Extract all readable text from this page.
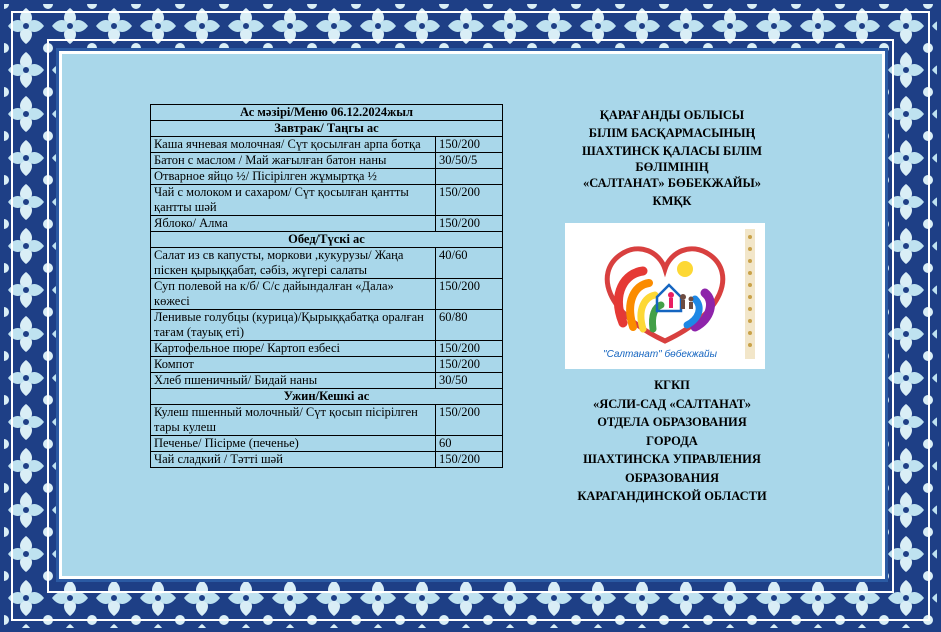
Ас мәзірі/Меню 06.12.2024жыл	
Завтрак/ Таңгы ас	
Каша ячневая молочная/ Сүт қосылған арпа ботқа	150/200
Батон с маслом / Май жағылған батон наны	30/50/5
Отварное яйцо ½/ Пісірілген жұмыртқа ½	
Чай с молоком и сахаром/ Сүт қосылған қантты қантты шәй	150/200
Яблоко/ Алма	150/200
Обед/Түскі ас	
Салат из св капусты, моркови ,кукурузы/ Жаңа піскен қырыққабат, сәбіз, жүгері салаты	40/60
Суп полевой на к/б/ С/с дайындалған «Дала» көжесі	150/200
Ленивые голубцы (курица)/Қырыққабатқа оралған тағам (тауық еті)	60/80
Картофельное пюре/ Картоп езбесі	150/200
Компот	150/200
Хлеб пшеничный/ Бидай наны	30/50
Ужин/Кешкі ас	
Кулеш пшенный молочный/ Сүт қосып пісірілген тары кулеш	150/200
Печенье/ Пісірме (печенье)	60
Чай сладкий / Тәтті шәй	150/200
ҚАРАҒАНДЫ ОБЛЫСЫ
БІЛІМ БАСҚАРМАСЫНЫҢ
ШАХТИНСК ҚАЛАСЫ БІЛІМ
БӨЛІМІНІҢ
«САЛТАНАТ» БӨБЕКЖАЙЫ»
КМҚК
"Салтанат" бөбекжайы
КГКП
«ЯСЛИ-САД «САЛТАНАТ»
ОТДЕЛА ОБРАЗОВАНИЯ
ГОРОДА
ШАХТИНСКА УПРАВЛЕНИЯ
ОБРАЗОВАНИЯ
КАРАГАНДИНСКОЙ ОБЛАСТИ
